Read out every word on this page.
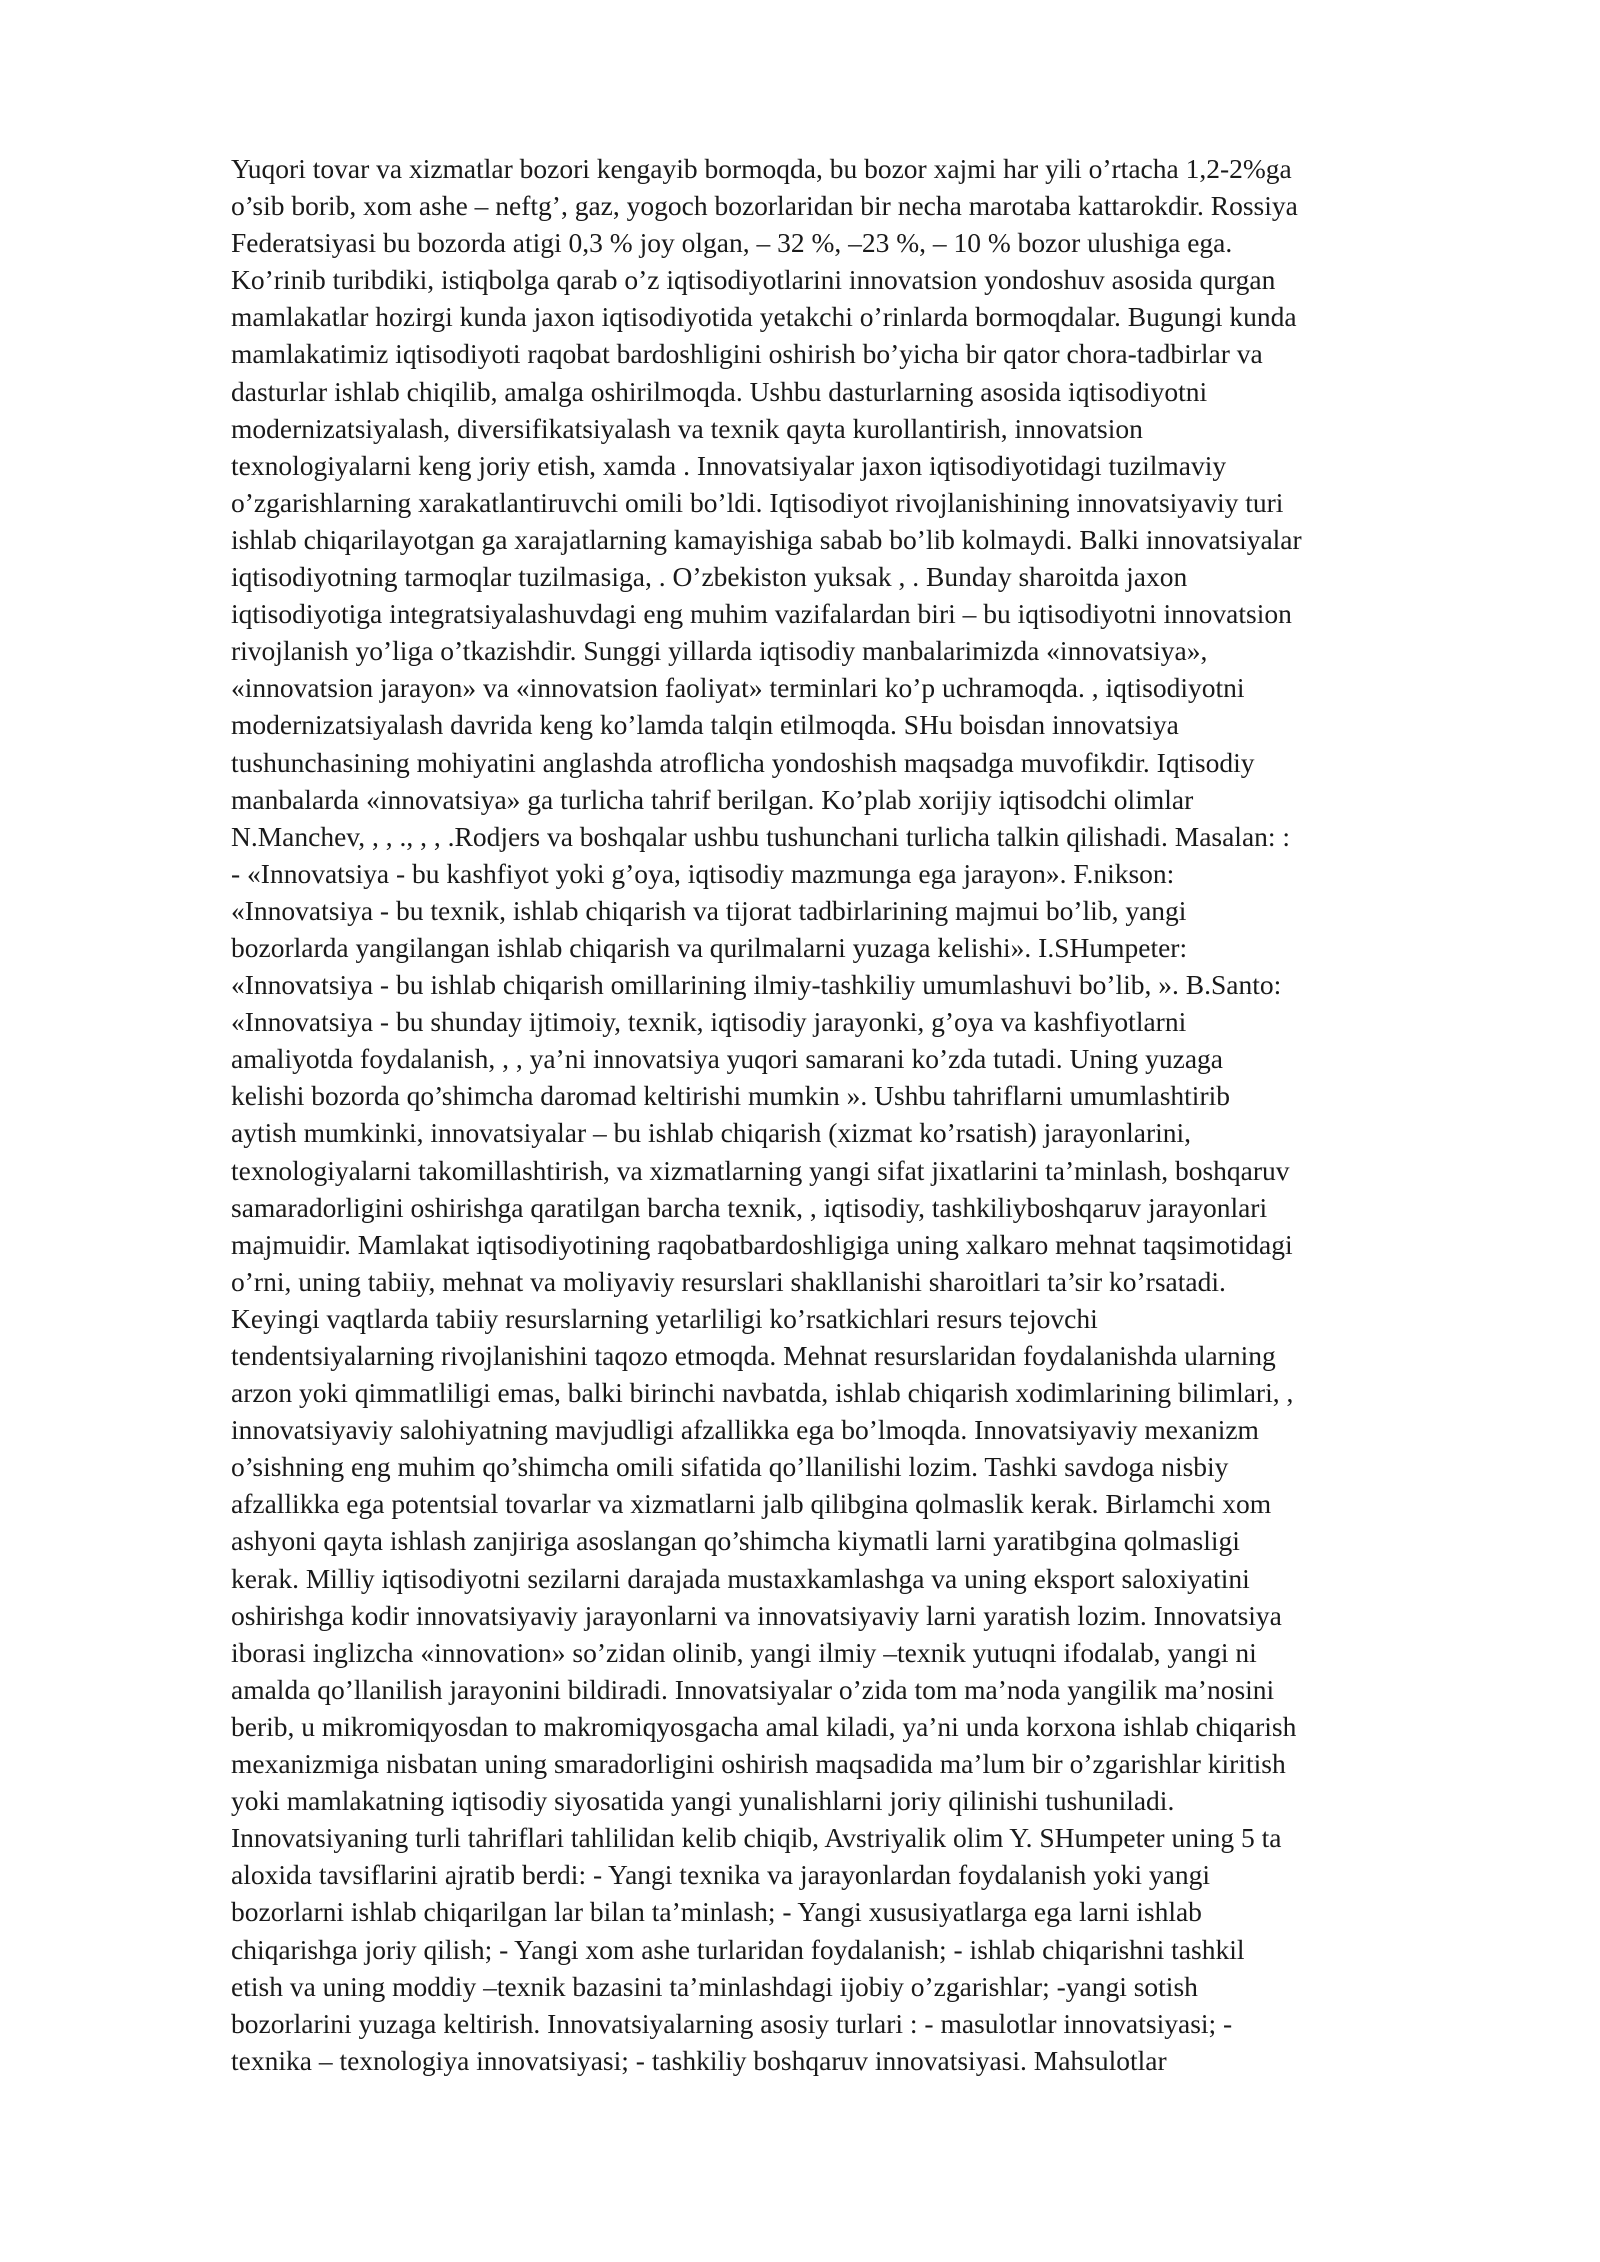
Yuqori tovar va xizmatlar bozori kengayib bormoqda, bu bozor xajmi har yili o’rtacha 1,2-2%ga
o’sib borib, xom ashe – neftg’, gaz, yogoch bozorlaridan bir necha marotaba kattarokdir. Rossiya
Federatsiyasi bu bozorda atigi 0,3 % joy olgan, – 32 %, –23 %, – 10 % bozor ulushiga ega.
Ko’rinib turibdiki, istiqbolga qarab o’z iqtisodiyotlarini innovatsion yondoshuv asosida qurgan
mamlakatlar hozirgi kunda jaxon iqtisodiyotida yetakchi o’rinlarda bormoqdalar. Bugungi kunda
mamlakatimiz iqtisodiyoti raqobat bardoshligini oshirish bo’yicha bir qator chora-tadbirlar va
dasturlar ishlab chiqilib, amalga oshirilmoqda. Ushbu dasturlarning asosida iqtisodiyotni
modernizatsiyalash, diversifikatsiyalash va texnik qayta kurollantirish, innovatsion
texnologiyalarni keng joriy etish, xamda . Innovatsiyalar jaxon iqtisodiyotidagi tuzilmaviy
o’zgarishlarning xarakatlantiruvchi omili bo’ldi. Iqtisodiyot rivojlanishining innovatsiyaviy turi
ishlab chiqarilayotgan ga xarajatlarning kamayishiga sabab bo’lib kolmaydi. Balki innovatsiyalar
iqtisodiyotning tarmoqlar tuzilmasiga, . O’zbekiston yuksak , . Bunday sharoitda jaxon
iqtisodiyotiga integratsiyalashuvdagi eng muhim vazifalardan biri – bu iqtisodiyotni innovatsion
rivojlanish yo’liga o’tkazishdir. Sunggi yillarda iqtisodiy manbalarimizda «innovatsiya»,
«innovatsion jarayon» va «innovatsion faoliyat» terminlari ko’p uchramoqda. , iqtisodiyotni
modernizatsiyalash davrida keng ko’lamda talqin etilmoqda. SHu boisdan innovatsiya
tushunchasining mohiyatini anglashda atroflicha yondoshish maqsadga muvofikdir. Iqtisodiy
manbalarda «innovatsiya» ga turlicha tahrif berilgan. Ko’plab xorijiy iqtisodchi olimlar
N.Manchev, , , ., , , .Rodjers va boshqalar ushbu tushunchani turlicha talkin qilishadi. Masalan: :
- «Innovatsiya - bu kashfiyot yoki g’oya, iqtisodiy mazmunga ega jarayon». F.nikson:
«Innovatsiya - bu texnik, ishlab chiqarish va tijorat tadbirlarining majmui bo’lib, yangi
bozorlarda yangilangan ishlab chiqarish va qurilmalarni yuzaga kelishi». I.SHumpeter:
«Innovatsiya - bu ishlab chiqarish omillarining ilmiy-tashkiliy umumlashuvi bo’lib, ». B.Santo:
«Innovatsiya - bu shunday ijtimoiy, texnik, iqtisodiy jarayonki, g’oya va kashfiyotlarni
amaliyotda foydalanish, , , ya’ni innovatsiya yuqori samarani ko’zda tutadi. Uning yuzaga
kelishi bozorda qo’shimcha daromad keltirishi mumkin ». Ushbu tahriflarni umumlashtirib
aytish mumkinki, innovatsiyalar – bu ishlab chiqarish (xizmat ko’rsatish) jarayonlarini,
texnologiyalarni takomillashtirish, va xizmatlarning yangi sifat jixatlarini ta’minlash, boshqaruv
samaradorligini oshirishga qaratilgan barcha texnik, , iqtisodiy, tashkiliyboshqaruv jarayonlari
majmuidir. Mamlakat iqtisodiyotining raqobatbardoshligiga uning xalkaro mehnat taqsimotidagi
o’rni, uning tabiiy, mehnat va moliyaviy resurslari shakllanishi sharoitlari ta’sir ko’rsatadi.
Keyingi vaqtlarda tabiiy resurslarning yetarliligi ko’rsatkichlari resurs tejovchi
tendentsiyalarning rivojlanishini taqozo etmoqda. Mehnat resurslaridan foydalanishda ularning
arzon yoki qimmatliligi emas, balki birinchi navbatda, ishlab chiqarish xodimlarining bilimlari, ,
innovatsiyaviy salohiyatning mavjudligi afzallikka ega bo’lmoqda. Innovatsiyaviy mexanizm
o’sishning eng muhim qo’shimcha omili sifatida qo’llanilishi lozim. Tashki savdoga nisbiy
afzallikka ega potentsial tovarlar va xizmatlarni jalb qilibgina qolmaslik kerak. Birlamchi xom
ashyoni qayta ishlash zanjiriga asoslangan qo’shimcha kiymatli larni yaratibgina qolmasligi
kerak. Milliy iqtisodiyotni sezilarni darajada mustaxkamlashga va uning eksport saloxiyatini
oshirishga kodir innovatsiyaviy jarayonlarni va innovatsiyaviy larni yaratish lozim. Innovatsiya
iborasi inglizcha «innovation» so’zidan olinib, yangi ilmiy –texnik yutuqni ifodalab, yangi ni
amalda qo’llanilish jarayonini bildiradi. Innovatsiyalar o’zida tom ma’noda yangilik ma’nosini
berib, u mikromiqyosdan to makromiqyosgacha amal kiladi, ya’ni unda korxona ishlab chiqarish
mexanizmiga nisbatan uning smaradorligini oshirish maqsadida ma’lum bir o’zgarishlar kiritish
yoki mamlakatning iqtisodiy siyosatida yangi yunalishlarni joriy qilinishi tushuniladi.
Innovatsiyaning turli tahriflari tahlilidan kelib chiqib, Avstriyalik olim Y. SHumpeter uning 5 ta
aloxida tavsiflarini ajratib berdi: - Yangi texnika va jarayonlardan foydalanish yoki yangi
bozorlarni ishlab chiqarilgan lar bilan ta’minlash; - Yangi xususiyatlarga ega larni ishlab
chiqarishga joriy qilish; - Yangi xom ashe turlaridan foydalanish; - ishlab chiqarishni tashkil
etish va uning moddiy –texnik bazasini ta’minlashdagi ijobiy o’zgarishlar; -yangi sotish
bozorlarini yuzaga keltirish. Innovatsiyalarning asosiy turlari : - masulotlar innovatsiyasi; -
texnika – texnologiya innovatsiyasi; - tashkiliy boshqaruv innovatsiyasi. Mahsulotlar
